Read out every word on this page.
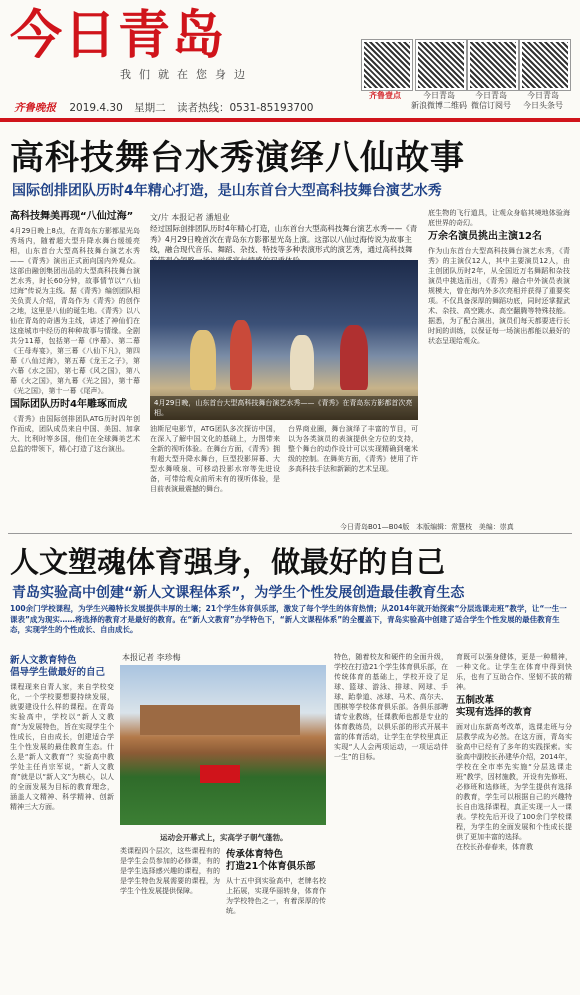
今日青岛
我们就在您身边
齐鲁晚报 2019.4.30 星期二 读者热线：0531-85193700
齐鲁壹点	今日青岛
新浪微博二维码
今日青岛
微信订阅号
今日青岛
今日头条号
高科技舞台水秀演绎八仙故事
国际创排团队历时4年精心打造，是山东首台大型高科技舞台演艺水秀
高科技舞美再现“八仙过海”
4月29日晚上8点，在青岛东方影都星光岛秀场内，随着超大型升降水舞台缓缓亮相，山东首台大型高科技舞台演艺水秀——《青秀》演出正式面向国内外观众。这部由融创集团出品的大型高科技舞台演艺水秀，时长60分钟，故事情节以“八仙过海”传说为主线。据《青秀》编创团队相关负责人介绍，青岛作为《青秀》的创作之地，这里是八仙的诞生地。《青秀》以八仙在青岛的奇遇为主线，讲述了神仙们在这座城市中经历的种种故事与情缘。全剧共分11幕，包括第一幕《序幕》、第二幕《王母寿宴》，第三幕《八仙下凡》，第四幕《八仙过海》，第五幕《龙王之子》，第六幕《水之国》，第七幕《风之国》，第八幕《火之国》，第九幕《光之国》，第十幕《光之国》，第十一幕《尾声》。
国际团队历时4年雕琢而成
《青秀》由国际创排团队ATG历时四年创作而成，团队成员来自中国、美国、加拿大、比利时等多国，他们在全球舞美艺术总监的带领下，精心打造了这台演出。
文/片 本报记者 潘旭业
经过国际创排团队历时4年精心打造，山东首台大型高科技舞台演艺水秀——《青秀》4月29日晚首次在青岛东方影都星光岛上演。这部以八仙过海传说为故事主线，融合现代音乐、舞蹈、杂技、特技等多种表演形式的演艺秀，通过高科技舞
4月29日晚，山东首台大型高科技舞台演艺水秀——《青秀》在青岛东方影都首次亮相。
油斯尼电影节，ATG团队多次探访中国，在深入了解中国文化的基础上，力图带来全新的视听体验。在舞台方面，《青秀》拥有超大型升降水舞台，巨型投影屏幕、大型水舞喷泉、可移动投影水帘等先进设备，可带给观众前所未有的视听体验，是目前表演最震撼的舞台。
台界商业圈，舞台演绎了丰富的节目，可以为各类演员的表演提供全方位的支持，整个舞台的动作设计可以实现精确到毫米级的控制。在舞美方面，《青秀》使用了许多高科技手法和新颖的艺术呈现。
底生物的飞行道具，让观众身临其境地体验海底世界的奇幻。
万余名演员挑出主演12名
作为山东首台大型高科技舞台演艺水秀，《青秀》的主演仅12人，其中主要演员12人，由主创团队历时2年，从全国近万名舞蹈和杂技演员中挑选而出，《青秀》融合中外演员表演规模大，曾在海内外多次亮相并获得了重要奖项。不仅具备深厚的舞蹈功底，同时还掌握武术、杂技、高空跳水、高空翻腾等特殊技能。据悉，为了配合演出，演员们每天都要进行长时间的训练，以保证每一场演出都能以最好的状态呈现给观众。
今日青岛B01—B04版 本版编辑：常慧枝 美编：崇真
人文塑魂体育强身，做最好的自己
青岛实验高中创建“新人文课程体系”，为学生个性发展创造最佳教育生态
100余门学校课程，为学生兴趣特长发展提供丰厚的土壤；21个学生体育俱乐部，激发了每个学生的体育热情；从2014年就开始探索“分层选课走班”教学，让“一生一课表”成为现实……将选择的教育才是最好的教育。在“新人文教育”办学特色下，“新人文课程体系”的全覆盖下，青岛实验高中创建了适合学生个性发展的最佳教育生态，实现学生的个性成长、自由成长。
新人文教育特色
倡导学生做最好的自己
课程现来自青人家，来自学校变化，一个学校要想要持续发展，就要建设什么样的课程。在青岛实验高中，学校以“新人文教育”为发展特色，旨在实现学生个性成长，自由成长，创建适合学生个性发展的最佳教育生态。什么是“新人文教育”？实验高中教学处主任肖宗军说，“新人文教育”就是以“新人文”为核心，以人的全面发展为目标的教育理念，涵盖人文精神、科学精神、创新精神三大方面。
本报记者 李珍梅
运动会开幕式上，实高学子朝气蓬勃。
类课程四个层次，这些课程有的是学生会员参加的必修课，有的是学生选择感兴趣的课程，有的是学生特色发展需要的课程，为学生个性发展提供保障。
传承体育特色
打造21个体育俱乐部
从十五中到实验高中，老牌名校上拓展，实现华丽转身，体育作为学校特色之一，有着深厚的传统。
特色，随着校友和硬件的全面升级，学校在打造21个学生体育俱乐部，在传统体育的基础上，学校开设了足球、篮球、游泳、排球、网球、手球、跆拳道、冰球、马术、高尔夫、围棋等学校体育俱乐部。各俱乐部聘请专业教练，任课教师也都是专业的体育教练员，以俱乐部的形式开展丰富的体育活动，让学生在学校里真正实现“人人会两项运动，一项运动伴一生”的目标。
育既可以强身健体，更是一种精神，一种文化。让学生在体育中得到快乐，也有了互助合作、坚韧不拔的精神。
五制改革
实现有选择的教育
面对山东新高考改革，选课走班与分层教学成为必然。在这方面，青岛实验高中已经有了多年的实践探索。实验高中副校长孙建华介绍，2014年，学校在全市率先实施“分层选课走班”教学，因材施教，开设有先修班、必修班和选修班，为学生提供有选择的教育，学生可以根据自己的兴趣特长自由选择课程，真正实现一人一课表。学校先后开设了100余门学校课程，为学生的全面发展和个性成长提供了更加丰富的选择。
在校长孙春春来，体育教
